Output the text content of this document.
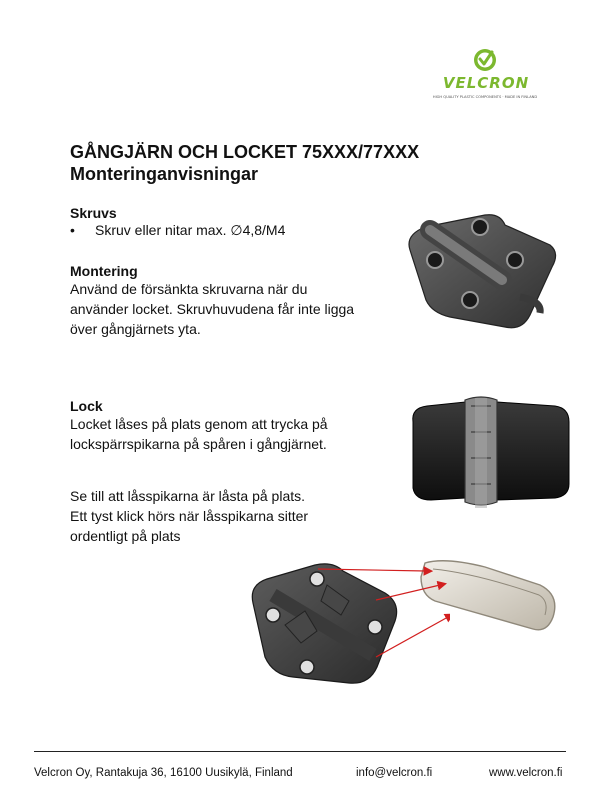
VELCRON
HIGH QUALITY PLASTIC COMPONENTS · MADE IN FINLAND
GÅNGJÄRN OCH LOCKET 75XXX/77XXX
Monteringanvisningar
Skruvs
• Skruv eller nitar max. ∅4,8/M4
Montering
Använd de försänkta skruvarna när du
använder locket. Skruvhuvudena får inte ligga
över gångjärnets yta.
Lock
Locket låses på plats genom att trycka på
lockspärrspikarna på spåren i gångjärnet.
Se till att låsspikarna är låsta på plats.
Ett tyst klick hörs när låsspikarna sitter
ordentligt på plats
Velcron Oy, Rantakuja 36, 16100 Uusikylä, Finland	info@velcron.fi	www.velcron.fi
